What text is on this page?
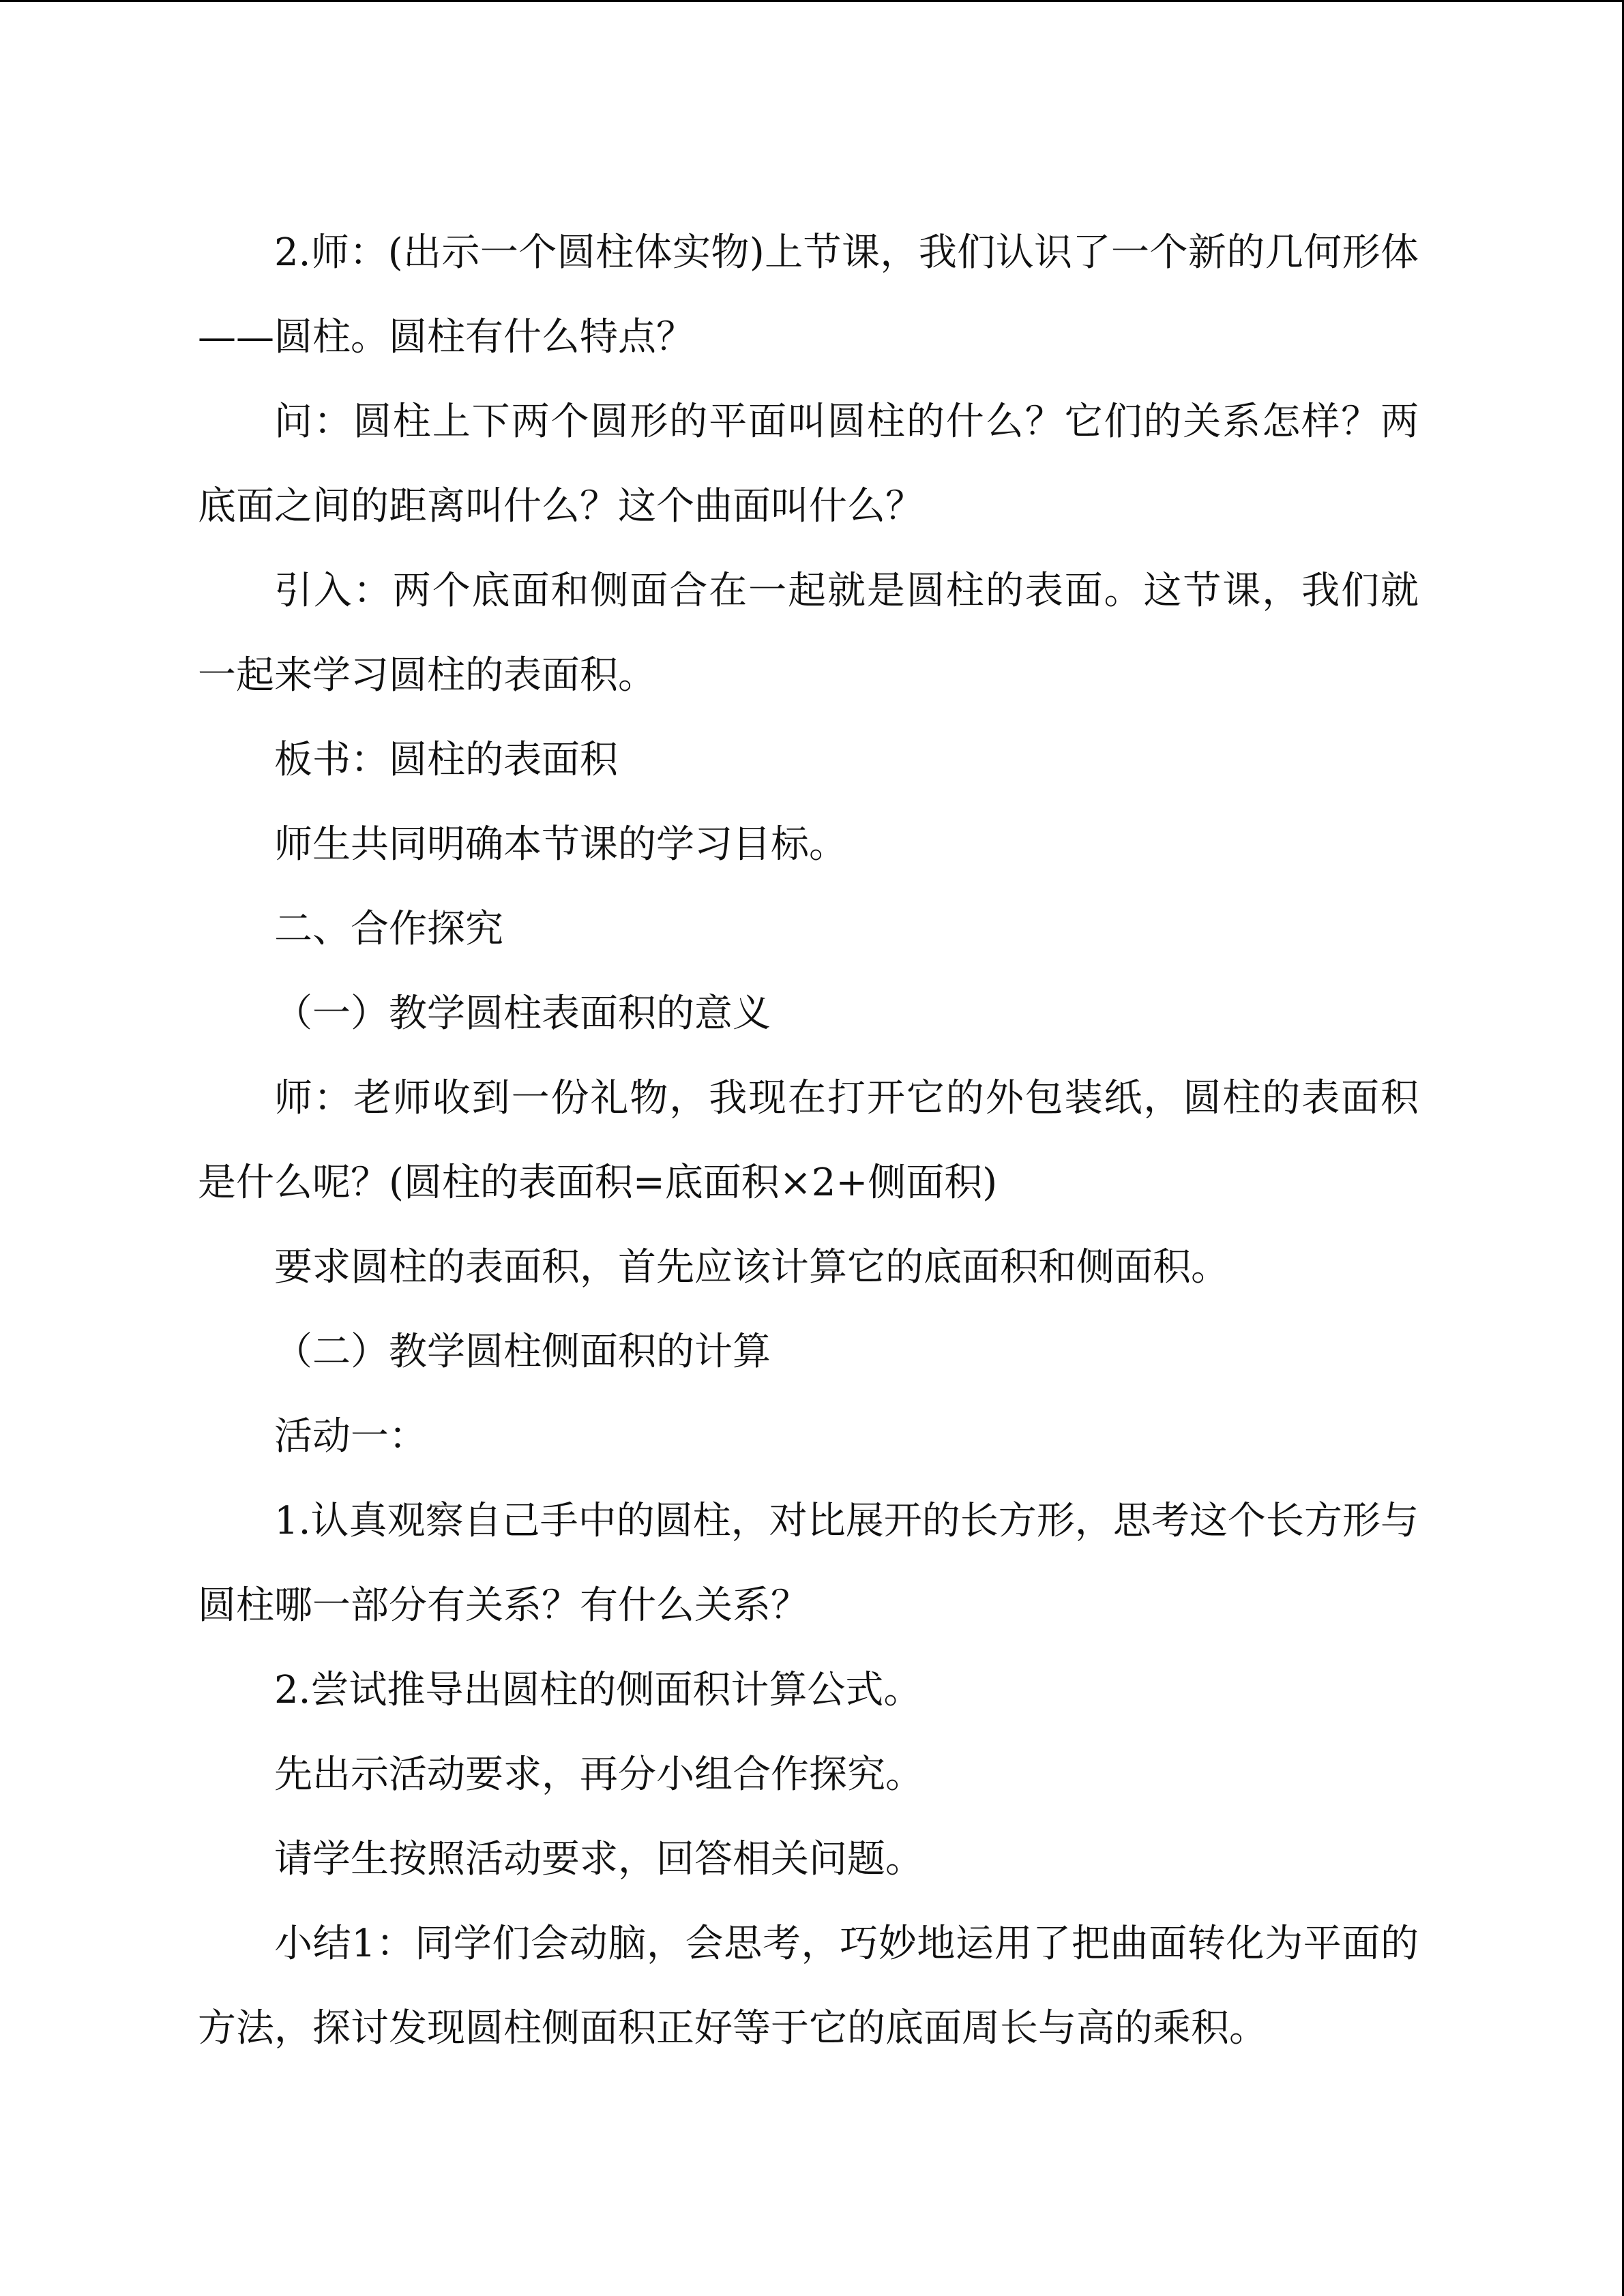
2.师：(出示一个圆柱体实物)上节课，我们认识了一个新的几何形体——圆柱。圆柱有什么特点？

问：圆柱上下两个圆形的平面叫圆柱的什么？它们的关系怎样？两底面之间的距离叫什么？这个曲面叫什么？

引入：两个底面和侧面合在一起就是圆柱的表面。这节课，我们就一起来学习圆柱的表面积。

板书：圆柱的表面积

师生共同明确本节课的学习目标。

二、合作探究

（一）教学圆柱表面积的意义

师：老师收到一份礼物，我现在打开它的外包装纸，圆柱的表面积是什么呢？(圆柱的表面积=底面积×2+侧面积)

要求圆柱的表面积，首先应该计算它的底面积和侧面积。

（二）教学圆柱侧面积的计算

活动一：

1.认真观察自己手中的圆柱，对比展开的长方形，思考这个长方形与圆柱哪一部分有关系？有什么关系？

2.尝试推导出圆柱的侧面积计算公式。

先出示活动要求，再分小组合作探究。

请学生按照活动要求，回答相关问题。

小结1：同学们会动脑，会思考，巧妙地运用了把曲面转化为平面的方法，探讨发现圆柱侧面积正好等于它的底面周长与高的乘积。
